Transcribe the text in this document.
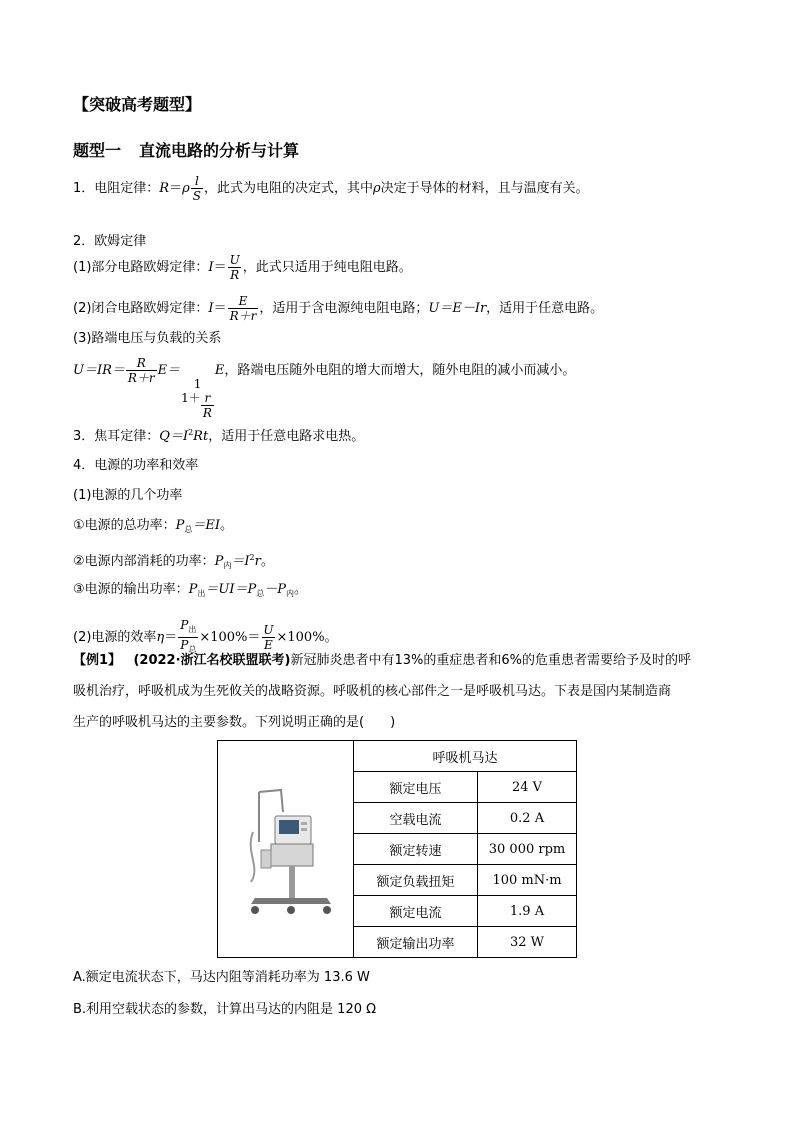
【突破高考题型】
题型一 直流电路的分析与计算
1．电阻定律：$R=\rho \frac{l}{S}$ ，此式为电阻的决定式，其中ρ决定于导体的材料，且与温度有关。
2．欧姆定律
(1)部分电路欧姆定律：$I= \frac{U}{R}$ ，此式只适用于纯电阻电路。
(2)闭合电路欧姆定律：$I= \frac{E}{R+r}$ ，适用于含电源纯电阻电路；U＝E－Ir，适用于任意电路。
(3)路端电压与负载的关系
$U=IR= \frac{R}{R+r} E=$
1
$1+ \frac{r}{R}$
E，路端电压随外电阻的增大而增大，随外电阻的减小而减小。
3．焦耳定律：$Q=I^2Rt$，适用于任意电路求电热。
4．电源的功率和效率
(1)电源的几个功率
①电源的总功率：$P_总=EI$。
②电源内部消耗的功率：$P_内=I^2r$。
③电源的输出功率：$P_出=UI=P_总-P_内$。
(2)电源的效率$\eta= \frac{P_出}{P_总} \times 100\%= \frac{U}{E} \times 100\%$。
【例1】 (2022·浙江名校联盟联考)新冠肺炎患者中有13%的重症患者和6%的危重患者需要给予及时的呼
吸机治疗，呼吸机成为生死攸关的战略资源。呼吸机的核心部件之一是呼吸机马达。下表是国内某制造商
生产的呼吸机马达的主要参数。下列说明正确的是(　　)
	呼吸机马达	
	额定电压	24 V
	空载电流	0.2 A
	额定转速	30 000 rpm
	额定负载扭矩	100 mN·m
	额定电流	1.9 A
	额定输出功率	32 W
A.额定电流状态下，马达内阻等消耗功率为 13.6 W
B.利用空载状态的参数，计算出马达的内阻是 120 Ω
